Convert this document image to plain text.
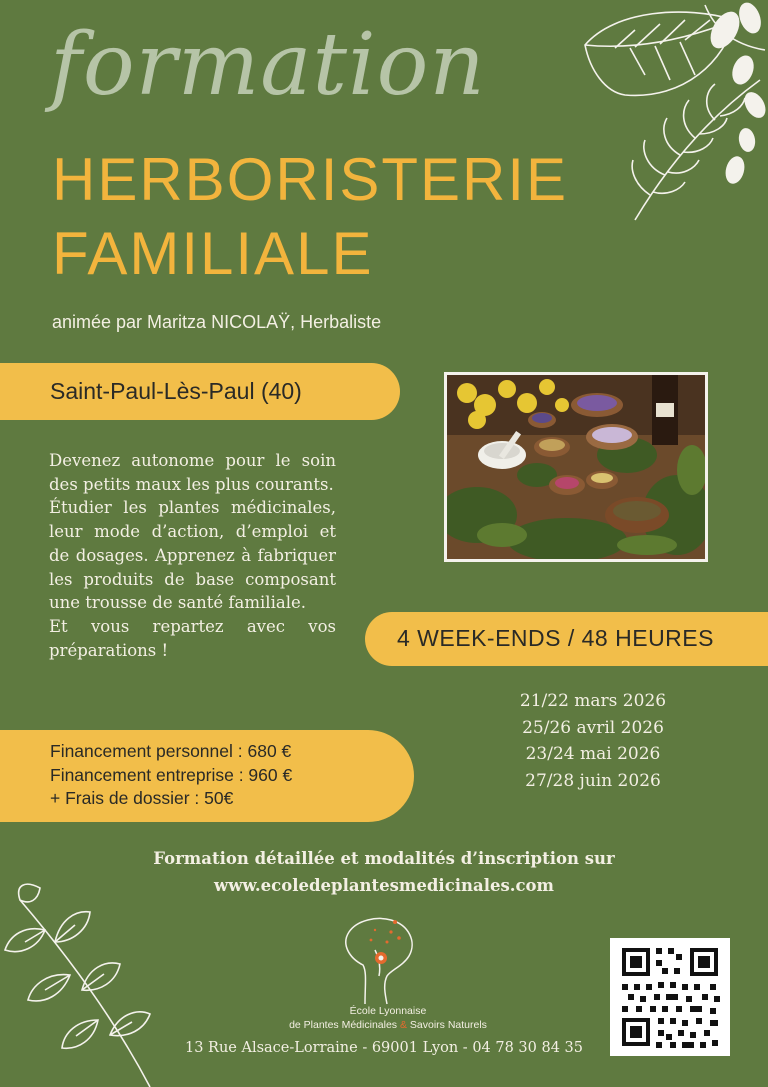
formation
HERBORISTERIE
FAMILIALE
animée par Maritza NICOLAŸ, Herbaliste
Saint-Paul-Lès-Paul (40)

Devenez autonome pour le soin des petits maux les plus courants.

Étudier les plantes médicinales, leur mode d’action, d’emploi et de dosages. Apprenez à fabriquer les produits de base composant une trousse de santé familiale.

Et vous repartez avec vos préparations !	4 WEEK-ENDS / 48 HEURES
21/22 mars 2026
25/26 avril 2026
23/24 mai 2026
27/28 juin 2026
Financement personnel : 680 €
Financement entreprise : 960 €
+ Frais de dossier : 50€
Formation détaillée et modalités d’inscription sur
www.ecoledeplantesmedicinales.com
École Lyonnaise
de Plantes Médicinales & Savoirs Naturels
13 Rue Alsace-Lorraine - 69001 Lyon - 04 78 30 84 35
